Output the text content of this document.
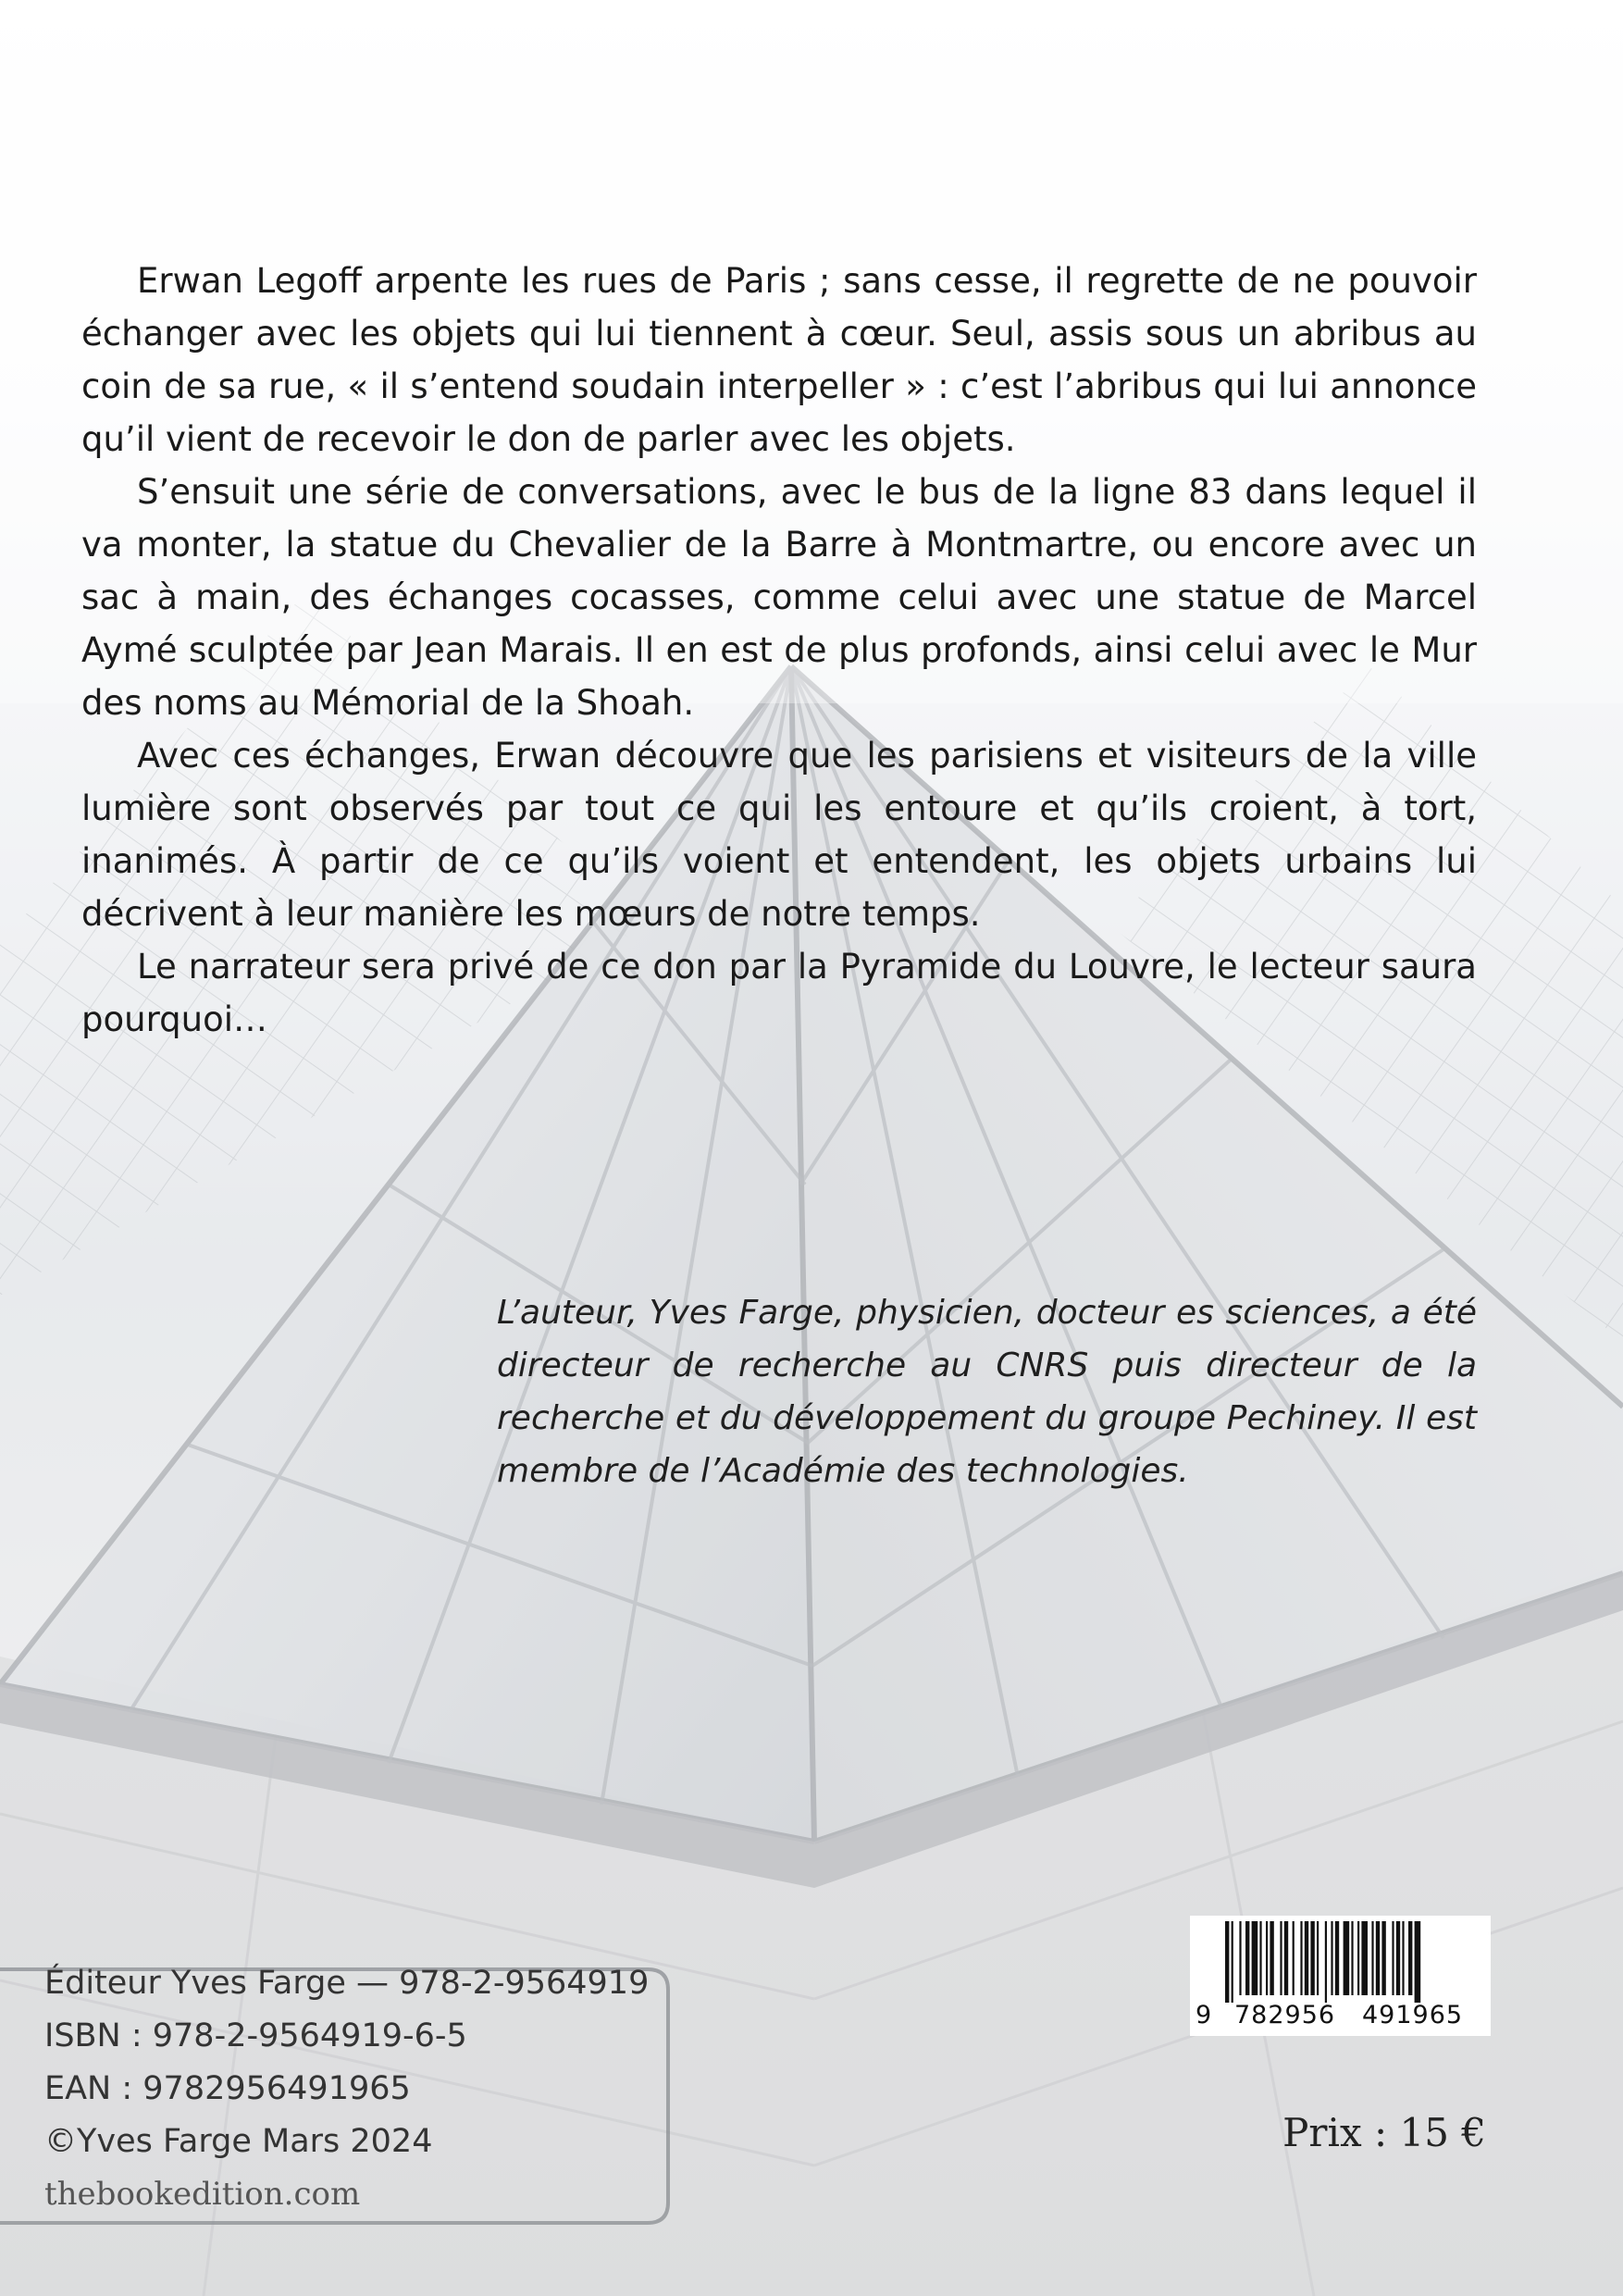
Erwan Legoff arpente les rues de Paris ; sans cesse, il regrette de ne pouvoir échanger avec les objets qui lui tiennent à cœur. Seul, assis sous un abribus au coin de sa rue, « il s’entend soudain interpeller » : c’est l’abribus qui lui annonce qu’il vient de recevoir le don de parler avec les objets.

S’ensuit une série de conversations, avec le bus de la ligne 83 dans lequel il va monter, la statue du Chevalier de la Barre à Montmartre, ou encore avec un sac à main, des échanges cocasses, comme celui avec une statue de Marcel Aymé sculptée par Jean Marais. Il en est de plus profonds, ainsi celui avec le Mur des noms au Mémorial de la Shoah.

Avec ces échanges, Erwan découvre que les parisiens et visiteurs de la ville lumière sont observés par tout ce qui les entoure et qu’ils croient, à tort, inanimés. À partir de ce qu’ils voient et entendent, les objets urbains lui décrivent à leur manière les mœurs de notre temps.

Le narrateur sera privé de ce don par la Pyramide du Louvre, le lecteur saura pourquoi…

L’auteur, Yves Farge, physicien, docteur es sciences, a été directeur de recherche au CNRS puis directeur de la recherche et du développement du groupe Pechiney. Il est membre de l’Académie des technologies.
Éditeur Yves Farge — 978-2-9564919
ISBN : 978-2-9564919-6-5
EAN : 9782956491965
©Yves Farge Mars 2024
thebookedition.com
9 782956 491965
Prix : 15 €
